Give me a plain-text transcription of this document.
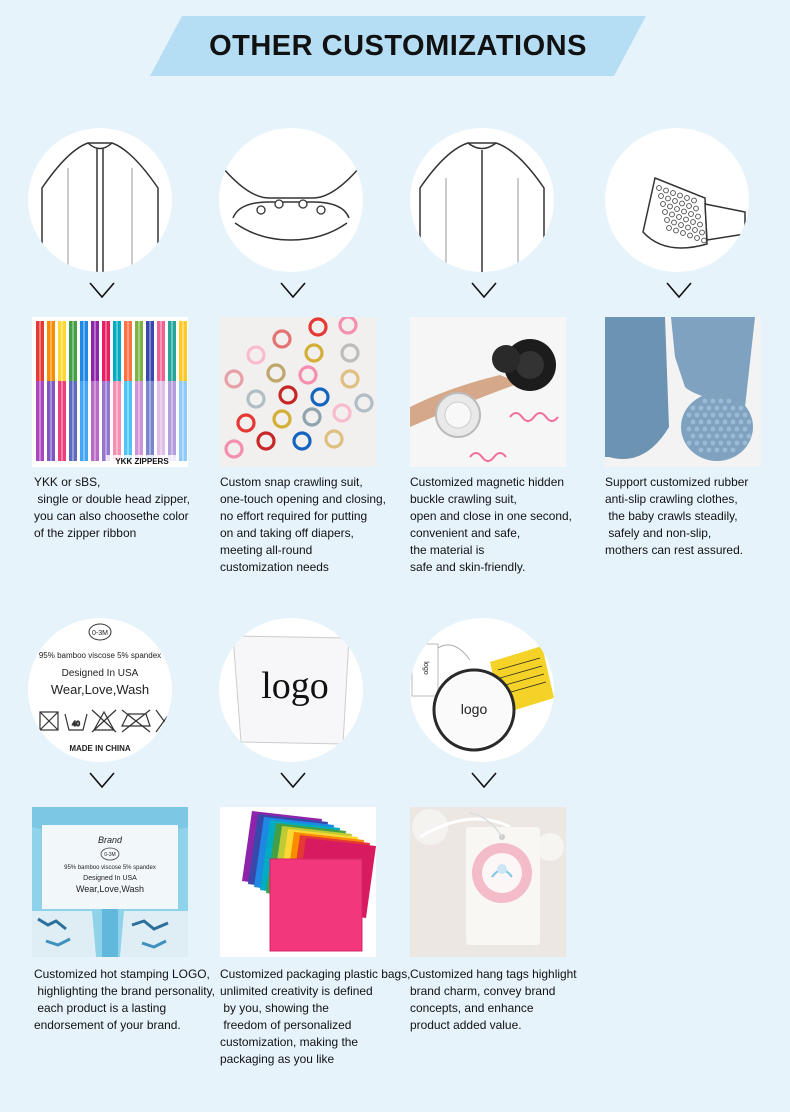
OTHER CUSTOMIZATIONS
YKK ZIPPERS
YKK or sBS,
single or double head zipper,
you can also choosethe color
of the zipper ribbon
Custom snap crawling suit,
one-touch opening and closing,
no effort required for putting
on and taking off diapers,
meeting all-round
customization needs
Customized magnetic hidden
buckle crawling suit,
open and close in one second,
convenient and safe,
the material is
safe and skin-friendly.
Support customized rubber
anti-slip crawling clothes,
the baby crawls steadily,
safely and non-slip,
mothers can rest assured.
0-3M
95% bamboo viscose 5% spandex
Designed In USA
Wear,Love,Wash
40
MADE IN CHINA
Brand
0-3M
95% bamboo viscose 5% spandex
Designed In USA
Wear,Love,Wash
Customized hot stamping LOGO,
highlighting the brand personality,
each product is a lasting
endorsement of your brand.
logo
Customized packaging plastic bags,
unlimited creativity is defined
by you, showing the
freedom of personalized
customization, making the
packaging as you like
logo
logo
Customized hang tags highlight
brand charm, convey brand
concepts, and enhance
product added value.
